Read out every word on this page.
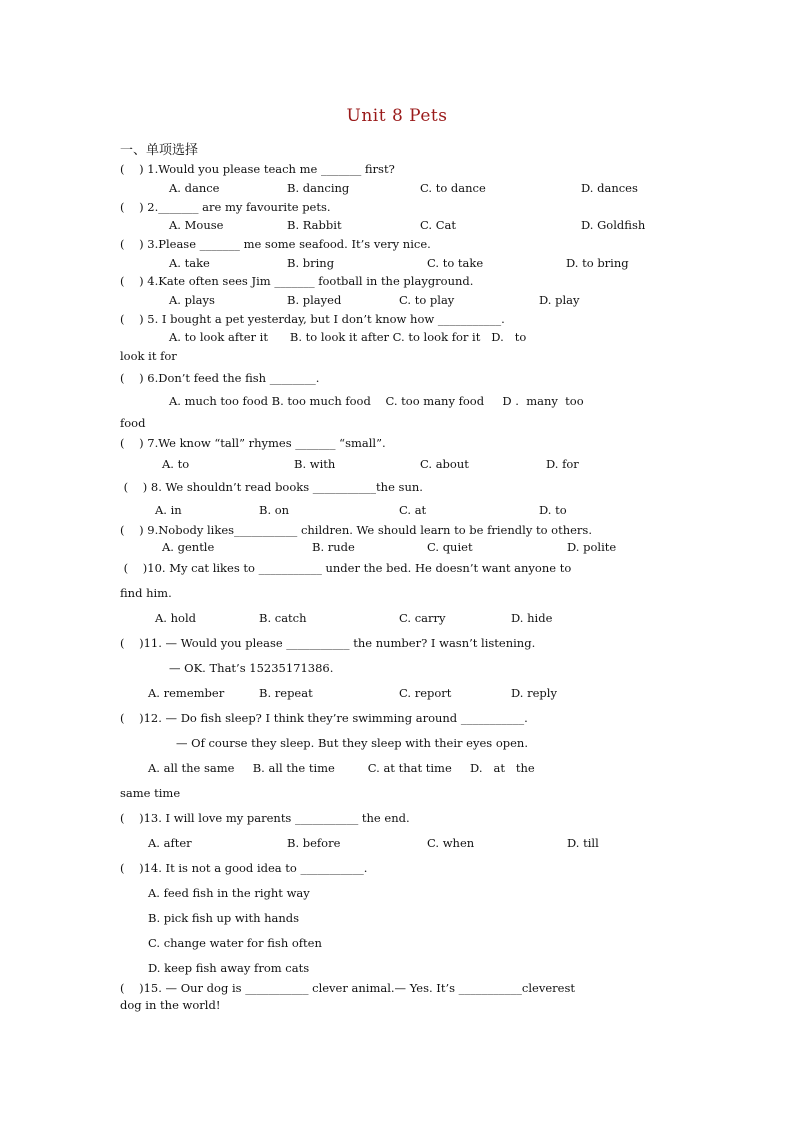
Unit 8 Pets
一、单项选择
(    ) 1.Would you please teach me _______ first?
A. dance	B. dancing	C. to dance	D. dances
(    ) 2._______ are my favourite pets.
A. Mouse	B. Rabbit	C. Cat	D. Goldfish
(    ) 3.Please _______ me some seafood. It’s very nice.
A. take	B. bring	C. to take	D. to bring
(    ) 4.Kate often sees Jim _______ football in the playground.
A. plays	B. played	C. to play	D. play
(    ) 5. I bought a pet yesterday, but I don’t know how ___________.
A. to look after it      B. to look it after C. to look for it   D.   to
look it for
(    ) 6.Don’t feed the fish ________.
A. much too food B. too much food    C. too many food     D .  many  too
food
(    ) 7.We know “tall” rhymes _______ “small”.
A. to	B. with	C. about	D. for
(    ) 8. We shouldn’t read books ___________the sun.
A. in	B. on	C. at	D. to
(    ) 9.Nobody likes___________ children. We should learn to be friendly to others.
A. gentle	B. rude	C. quiet	D. polite
(    )10. My cat likes to ___________ under the bed. He doesn’t want anyone to
find him.
A. hold	B. catch	C. carry	D. hide
(    )11. — Would you please ___________ the number? I wasn’t listening.
— OK. That’s 15235171386.
A. remember	B. repeat	C. report	D. reply
(    )12. — Do fish sleep? I think they’re swimming around ___________.
— Of course they sleep. But they sleep with their eyes open.
A. all the same     B. all the time         C. at that time     D.   at   the
same time
(    )13. I will love my parents ___________ the end.
A. after	B. before	C. when	D. till
(    )14. It is not a good idea to ___________.
A. feed fish in the right way
B. pick fish up with hands
C. change water for fish often
D. keep fish away from cats
(    )15. — Our dog is ___________ clever animal.— Yes. It’s ___________cleverest
dog in the world!
